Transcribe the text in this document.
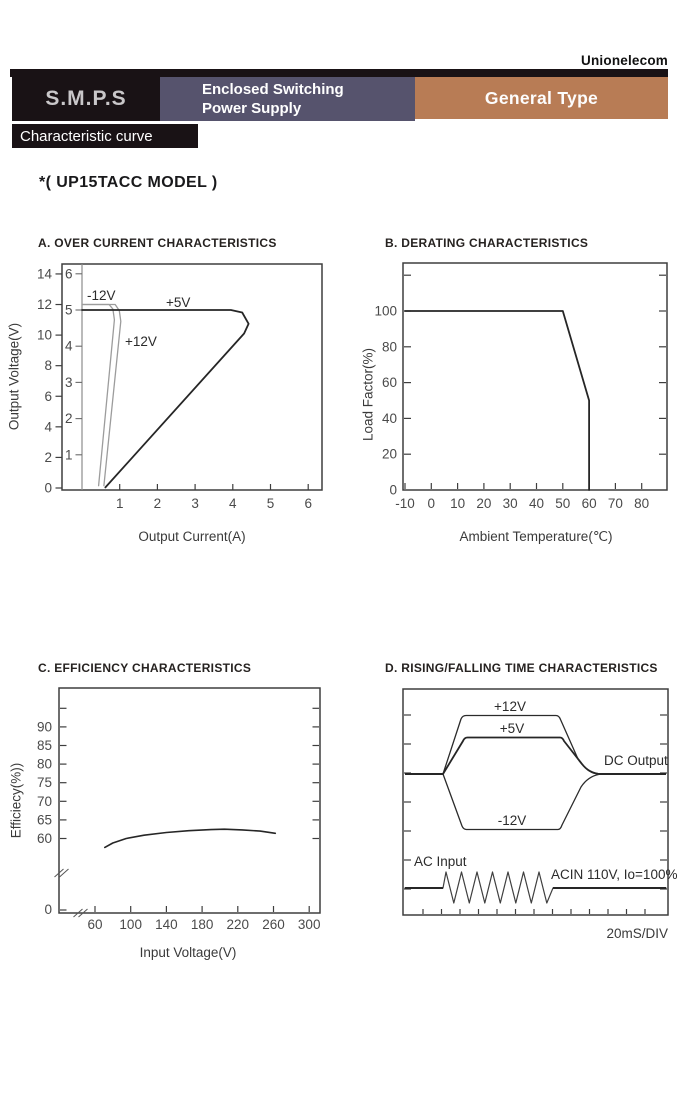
Unionelecom
S.M.P.S	Enclosed Switching
Power Supply
General Type
Characteristic curve
*( UP15TACC MODEL )
A. OVER CURRENT CHARACTERISTICS	B. DERATING CHARACTERISTICS
C. EFFICIENCY CHARACTERISTICS	D. RISING/FALLING TIME CHARACTERISTICS
Output Voltage(V)
Output Current(A)
Load Factor(%)
Ambient Temperature(℃)
Efficiecy(%))
Input Voltage(V)
20mS/DIV
0
2
4
6
8
10
12
14
1
2
3
4
5
6
1 2 3 4 5 6
-12V	+5V
+12V
0
20
40
60
80
100
-10 0 10 20 30 40 50 60 70 80
0
60
65
70
75
80
85
90
60 100 140 180 220 260 300
+12V
+5V
-12V
DC Output
AC Input
ACIN 110V, Io=100%
